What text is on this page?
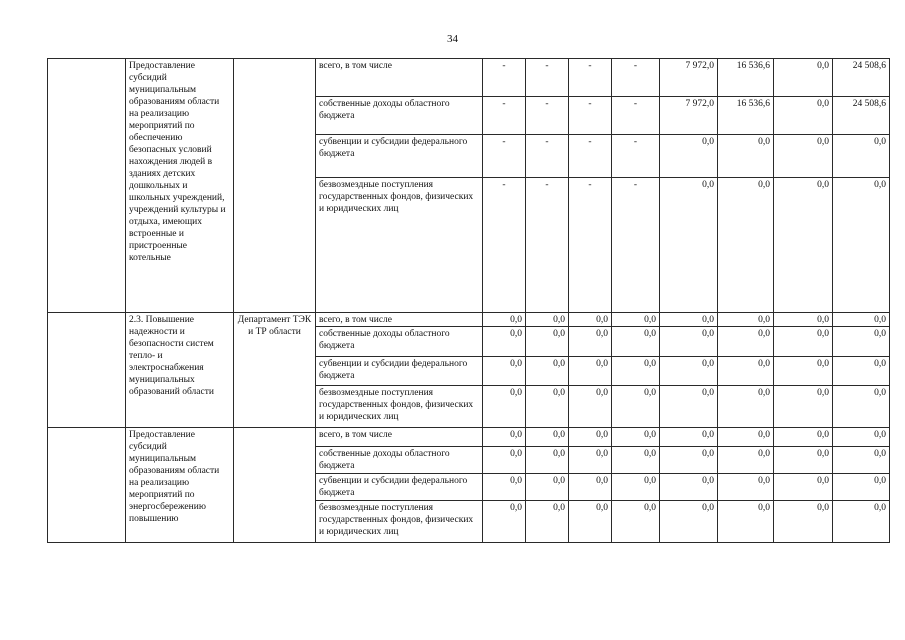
34
	Предоставление субсидий муниципальным образованиям области на реализацию мероприятий по обеспечению безопасных условий нахождения людей в зданиях детских дошкольных и школьных учреждений, учреждений культуры и отдыха, имеющих встроенные и пристроенные котельные		всего, в том числе	-	-	-	-	7 972,0	16 536,6	0,0	24 508,6
			собственные доходы областного бюджета	-	-	-	-	7 972,0	16 536,6	0,0	24 508,6
			субвенции и субсидии федерального бюджета	-	-	-	-	0,0	0,0	0,0	0,0
			безвозмездные поступления государственных фондов, физических и юридических лиц	-	-	-	-	0,0	0,0	0,0	0,0
	2.3. Повышение надежности и безопасности систем тепло- и электроснабжения муниципальных образований области	Департамент ТЭК и ТР области	всего, в том числе	0,0	0,0	0,0	0,0	0,0	0,0	0,0	0,0
			собственные доходы областного бюджета	0,0	0,0	0,0	0,0	0,0	0,0	0,0	0,0
			субвенции и субсидии федерального бюджета	0,0	0,0	0,0	0,0	0,0	0,0	0,0	0,0
			безвозмездные поступления государственных фондов, физических и юридических лиц	0,0	0,0	0,0	0,0	0,0	0,0	0,0	0,0
	Предоставление субсидий муниципальным образованиям области на реализацию мероприятий по энергосбережению повышению		всего, в том числе	0,0	0,0	0,0	0,0	0,0	0,0	0,0	0,0
			собственные доходы областного бюджета	0,0	0,0	0,0	0,0	0,0	0,0	0,0	0,0
			субвенции и субсидии федерального бюджета	0,0	0,0	0,0	0,0	0,0	0,0	0,0	0,0
			безвозмездные поступления государственных фондов, физических и юридических лиц	0,0	0,0	0,0	0,0	0,0	0,0	0,0	0,0
